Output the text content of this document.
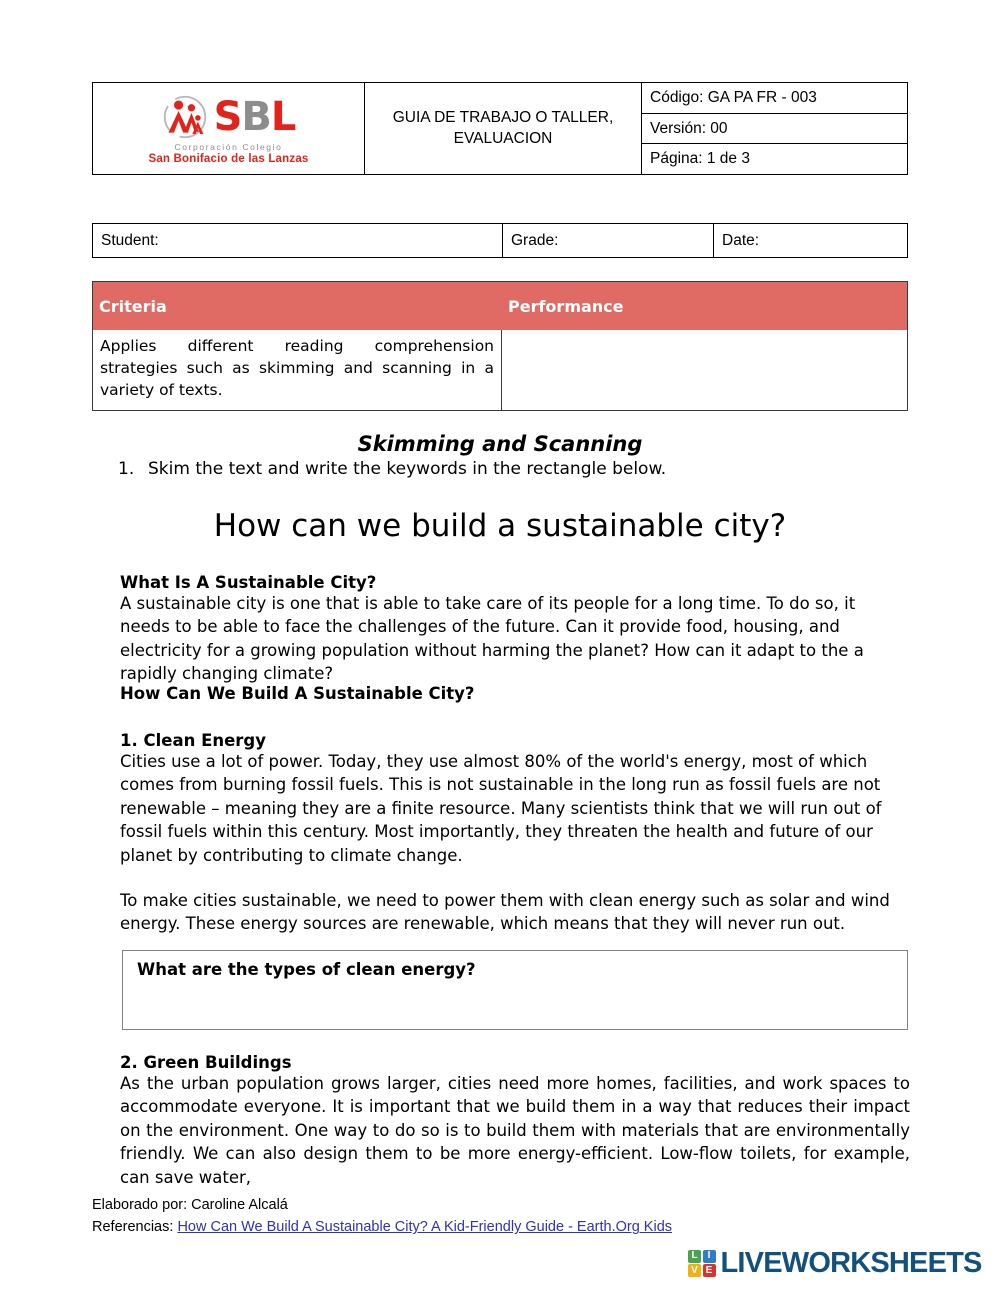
SBL
Corporación Colegio
San Bonifacio de las Lanzas
GUIA DE TRABAJO O TALLER, EVALUACION
Código: GA PA FR - 003
Versión: 00
Página: 1 de 3
Student:	Grade:	Date:
Criteria	Performance
Applies different reading comprehension strategies such as skimming and scanning in a variety of texts.
Skimming and Scanning
1. Skim the text and write the keywords in the rectangle below.
How can we build a sustainable city?
What Is A Sustainable City?

A sustainable city is one that is able to take care of its people for a long time. To do so, it needs to be able to face the challenges of the future. Can it provide food, housing, and electricity for a growing population without harming the planet? How can it adapt to the a rapidly changing climate?

How Can We Build A Sustainable City?
1. Clean Energy

Cities use a lot of power. Today, they use almost 80% of the world's energy, most of which comes from burning fossil fuels. This is not sustainable in the long run as fossil fuels are not renewable – meaning they are a finite resource. Many scientists think that we will run out of fossil fuels within this century. Most importantly, they threaten the health and future of our planet by contributing to climate change.

To make cities sustainable, we need to power them with clean energy such as solar and wind energy. These energy sources are renewable, which means that they will never run out.

What are the types of clean energy?
2. Green Buildings

As the urban population grows larger, cities need more homes, facilities, and work spaces to accommodate everyone. It is important that we build them in a way that reduces their impact on the environment. One way to do so is to build them with materials that are environmentally friendly. We can also design them to be more energy-efficient. Low-flow toilets, for example, can save water,

Elaborado por: Caroline Alcalá
Referencias: How Can We Build A Sustainable City? A Kid-Friendly Guide - Earth.Org Kids
L	I
V E LIVEWORKSHEETS
